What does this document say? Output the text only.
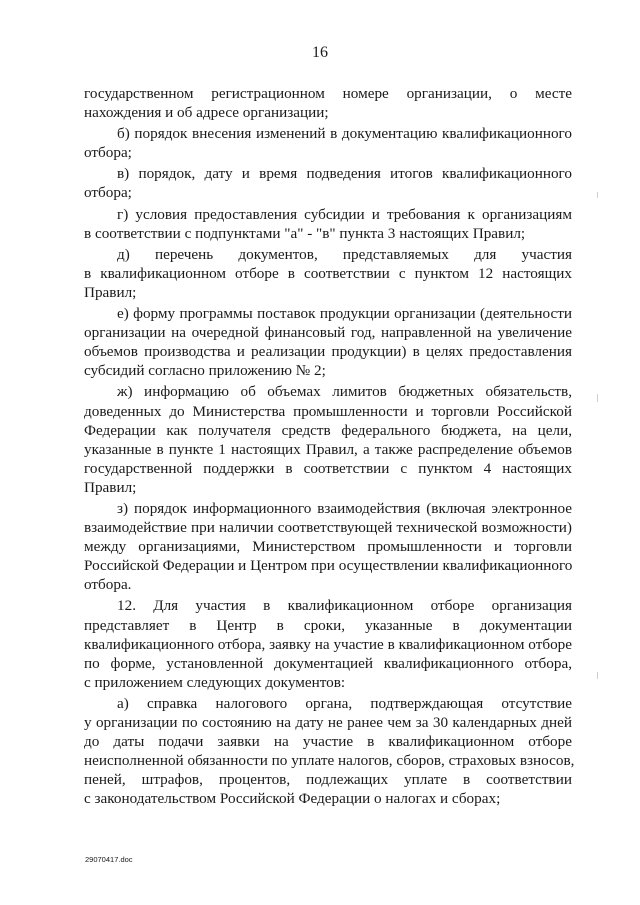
16
государственном регистрационном номере организации, о месте
нахождения и об адресе организации;
б) порядок внесения изменений в документацию квалификационного
отбора;
в) порядок, дату и время подведения итогов квалификационного
отбора;
г) условия предоставления субсидии и требования к организациям
в соответствии с подпунктами "а" - "в" пункта 3 настоящих Правил;
д) перечень документов, представляемых для участия
в квалификационном отборе в соответствии с пунктом 12 настоящих
Правил;
е) форму программы поставок продукции организации (деятельности
организации на очередной финансовый год, направленной на увеличение
объемов производства и реализации продукции) в целях предоставления
субсидий согласно приложению № 2;
ж) информацию об объемах лимитов бюджетных обязательств,
доведенных до Министерства промышленности и торговли Российской
Федерации как получателя средств федерального бюджета, на цели,
указанные в пункте 1 настоящих Правил, а также распределение объемов
государственной поддержки в соответствии с пунктом 4 настоящих
Правил;
з) порядок информационного взаимодействия (включая электронное
взаимодействие при наличии соответствующей технической возможности)
между организациями, Министерством промышленности и торговли
Российской Федерации и Центром при осуществлении квалификационного
отбора.
12. Для участия в квалификационном отборе организация
представляет в Центр в сроки, указанные в документации
квалификационного отбора, заявку на участие в квалификационном отборе
по форме, установленной документацией квалификационного отбора,
с приложением следующих документов:
а) справка налогового органа, подтверждающая отсутствие
у организации по состоянию на дату не ранее чем за 30 календарных дней
до даты подачи заявки на участие в квалификационном отборе
неисполненной обязанности по уплате налогов, сборов, страховых взносов,
пеней, штрафов, процентов, подлежащих уплате в соответствии
с законодательством Российской Федерации о налогах и сборах;
29070417.doc
